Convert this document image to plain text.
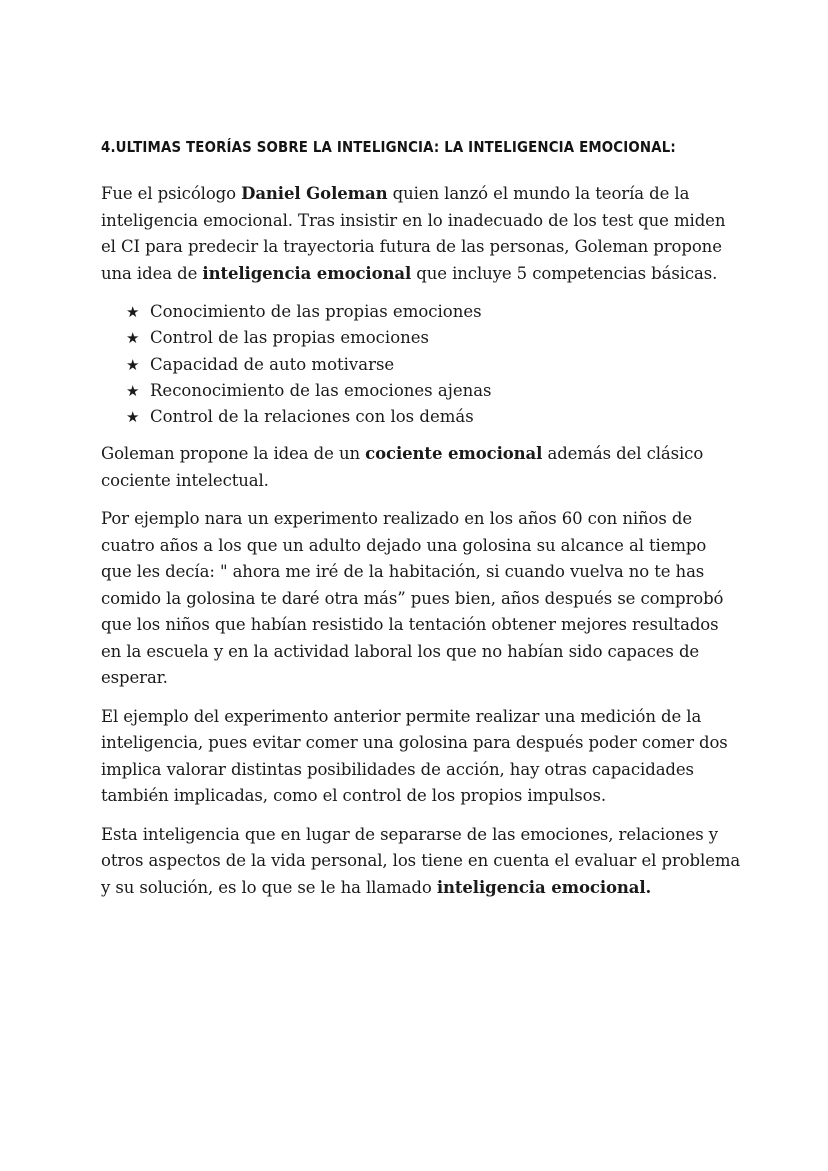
4.ULTIMAS TEORÍAS SOBRE LA INTELIGNCIA: LA INTELIGENCIA EMOCIONAL:

Fue el psicólogo Daniel Goleman quien lanzó el mundo la teoría de la inteligencia emocional. Tras insistir en lo inadecuado de los test que miden el CI para predecir la trayectoria futura de las personas, Goleman propone una idea de inteligencia emocional que incluye 5 competencias básicas.

★ Conocimiento de las propias emociones
★ Control de las propias emociones
★ Capacidad de auto motivarse
★ Reconocimiento de las emociones ajenas
★ Control de la relaciones con los demás

Goleman propone la idea de un cociente emocional además del clásico cociente intelectual.

Por ejemplo nara un experimento realizado en los años 60 con niños de cuatro años a los que un adulto dejado una golosina su alcance al tiempo que les decía: " ahora me iré de la habitación, si cuando vuelva no te has comido la golosina te daré otra más” pues bien, años después se comprobó que los niños que habían resistido la tentación obtener mejores resultados en la escuela y en la actividad laboral los que no habían sido capaces de esperar.

El ejemplo del experimento anterior permite realizar una medición de la inteligencia, pues evitar comer una golosina para después poder comer dos implica valorar distintas posibilidades de acción, hay otras capacidades también implicadas, como el control de los propios impulsos.

Esta inteligencia que en lugar de separarse de las emociones, relaciones y otros aspectos de la vida personal, los tiene en cuenta el evaluar el problema y su solución, es lo que se le ha llamado inteligencia emocional.
